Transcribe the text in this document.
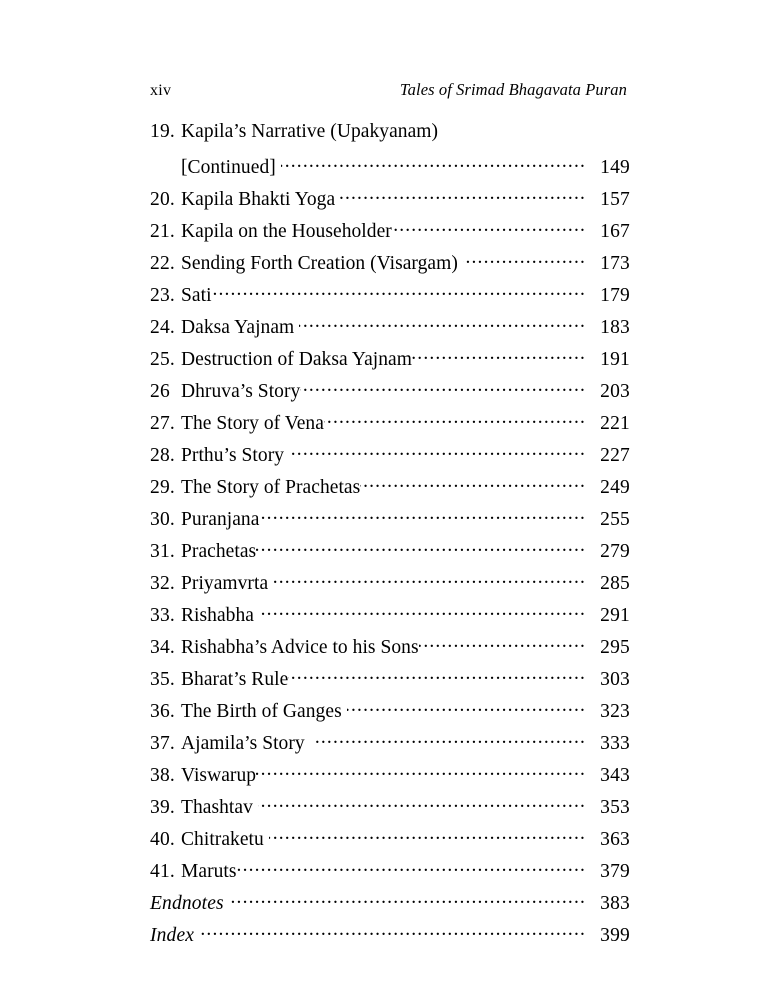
xiv	Tales of Srimad Bhagavata Puran
19. Kapila’s Narrative (Upakyanam)
[Continued] .....	149
20. Kapila Bhakti Yoga .....	157
21. Kapila on the Householder .....	167
22. Sending Forth Creation (Visargam) .....	173
23. Sati .....	179
24. Daksa Yajnam .....	183
25. Destruction of Daksa Yajnam .....	191
26 Dhruva’s Story .....	203
27. The Story of Vena .....	221
28. Prthu’s Story .....	227
29. The Story of Prachetas .....	249
30. Puranjana .....	255
31. Prachetas .....	279
32. Priyamvrta .....	285
33. Rishabha .....	291
34. Rishabha’s Advice to his Sons .....	295
35. Bharat’s Rule .....	303
36. The Birth of Ganges .....	323
37. Ajamila’s Story .....	333
38. Viswarup .....	343
39. Thashtav .....	353
40. Chitraketu .....	363
41. Maruts .....	379
Endnotes .....	383
Index .....	399
